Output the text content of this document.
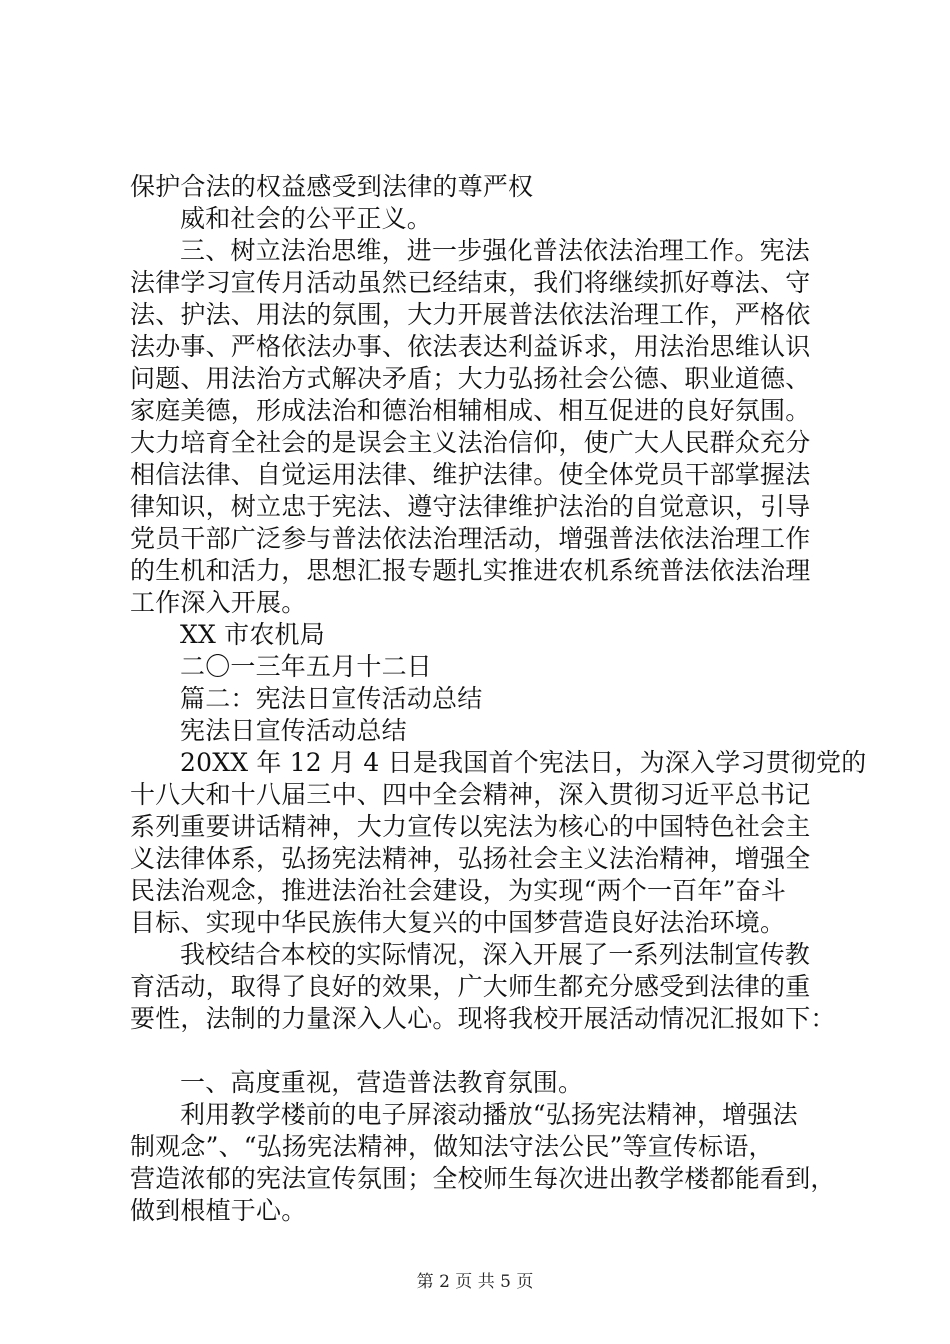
保护合法的权益感受到法律的尊严权
威和社会的公平正义。
三、树立法治思维，进一步强化普法依法治理工作。宪法
法律学习宣传月活动虽然已经结束，我们将继续抓好尊法、守
法、护法、用法的氛围，大力开展普法依法治理工作，严格依
法办事、严格依法办事、依法表达利益诉求，用法治思维认识
问题、用法治方式解决矛盾；大力弘扬社会公德、职业道德、
家庭美德，形成法治和德治相辅相成、相互促进的良好氛围。
大力培育全社会的是误会主义法治信仰，使广大人民群众充分
相信法律、自觉运用法律、维护法律。使全体党员干部掌握法
律知识，树立忠于宪法、遵守法律维护法治的自觉意识，引导
党员干部广泛参与普法依法治理活动，增强普法依法治理工作
的生机和活力，思想汇报专题扎实推进农机系统普法依法治理
工作深入开展。
XX 市农机局
二〇一三年五月十二日
篇二：宪法日宣传活动总结
宪法日宣传活动总结
20XX 年 12 月 4 日是我国首个宪法日，为深入学习贯彻党的
十八大和十八届三中、四中全会精神，深入贯彻习近平总书记
系列重要讲话精神，大力宣传以宪法为核心的中国特色社会主
义法律体系，弘扬宪法精神，弘扬社会主义法治精神，增强全
民法治观念，推进法治社会建设，为实现“两个一百年”奋斗
目标、实现中华民族伟大复兴的中国梦营造良好法治环境。
我校结合本校的实际情况，深入开展了一系列法制宣传教
育活动，取得了良好的效果，广大师生都充分感受到法律的重
要性，法制的力量深入人心。现将我校开展活动情况汇报如下：
一、高度重视，营造普法教育氛围。
利用教学楼前的电子屏滚动播放“弘扬宪法精神，增强法
制观念”、“弘扬宪法精神，做知法守法公民”等宣传标语，
营造浓郁的宪法宣传氛围；全校师生每次进出教学楼都能看到，
做到根植于心。
第 2 页 共 5 页
